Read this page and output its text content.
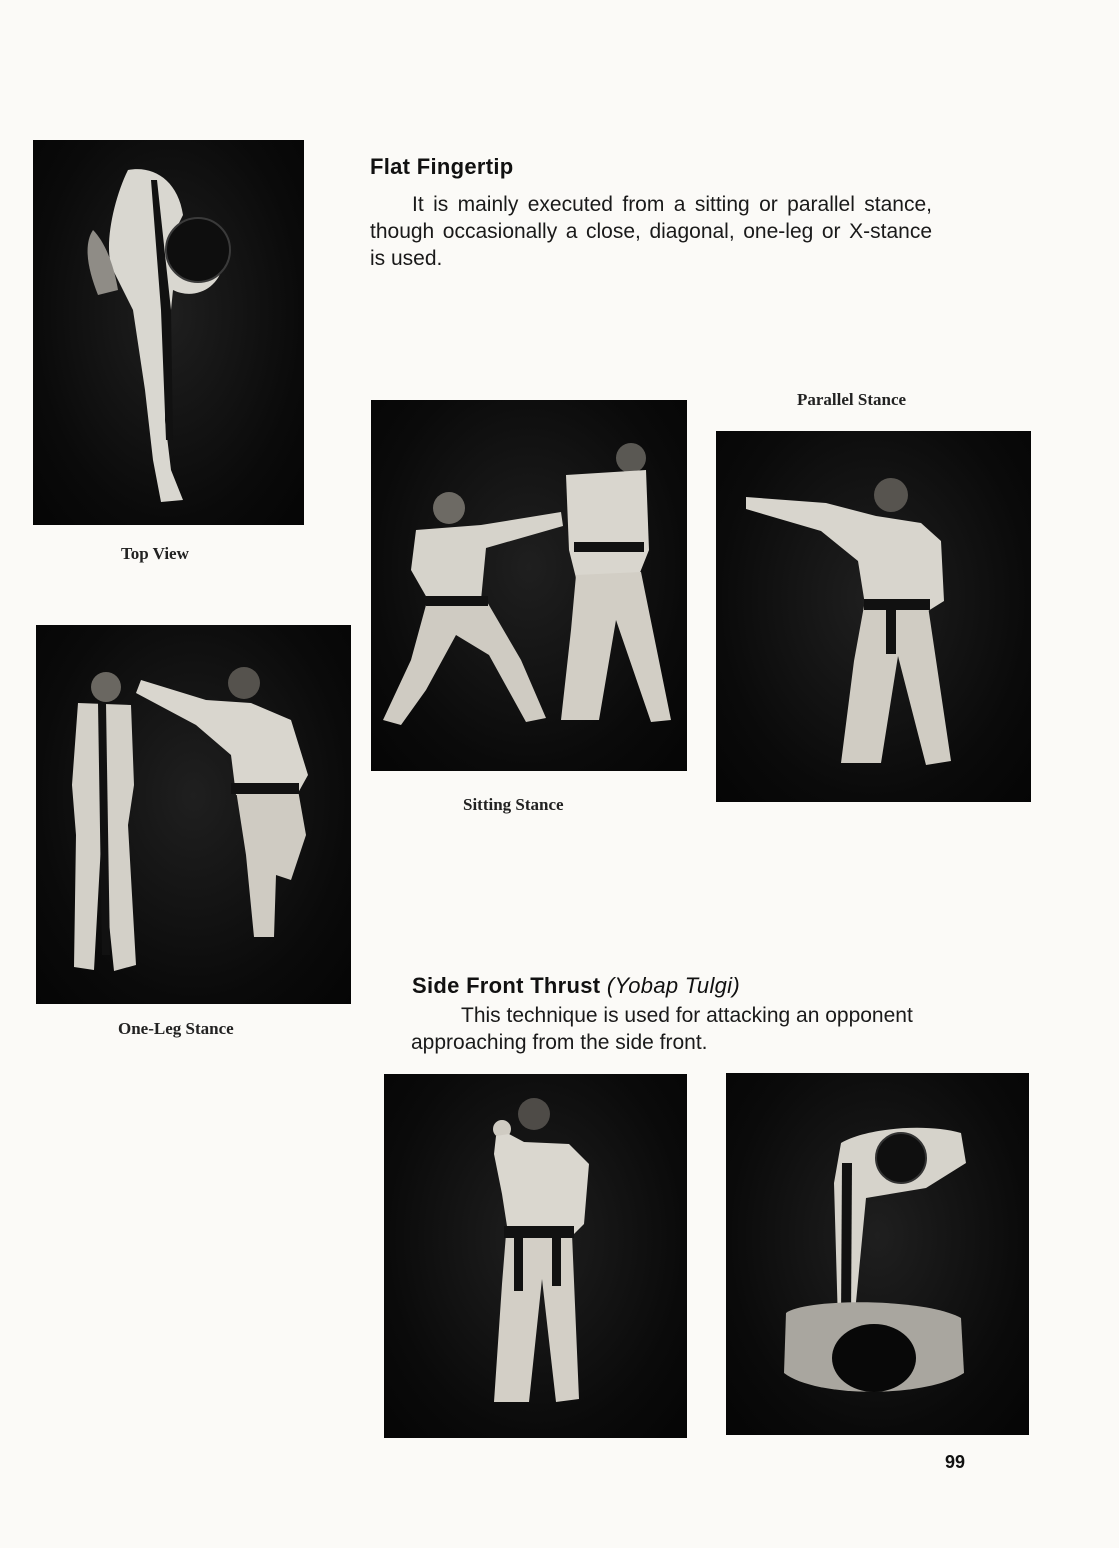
Top View
Flat Fingertip
It is mainly executed from a sitting or parallel stance, though occasionally a close, diagonal, one-leg or X-stance is used.
Parallel Stance
Sitting Stance
One-Leg Stance
Side Front Thrust (Yobap Tulgi)
This technique is used for attacking an opponent approaching from the side front.
99
